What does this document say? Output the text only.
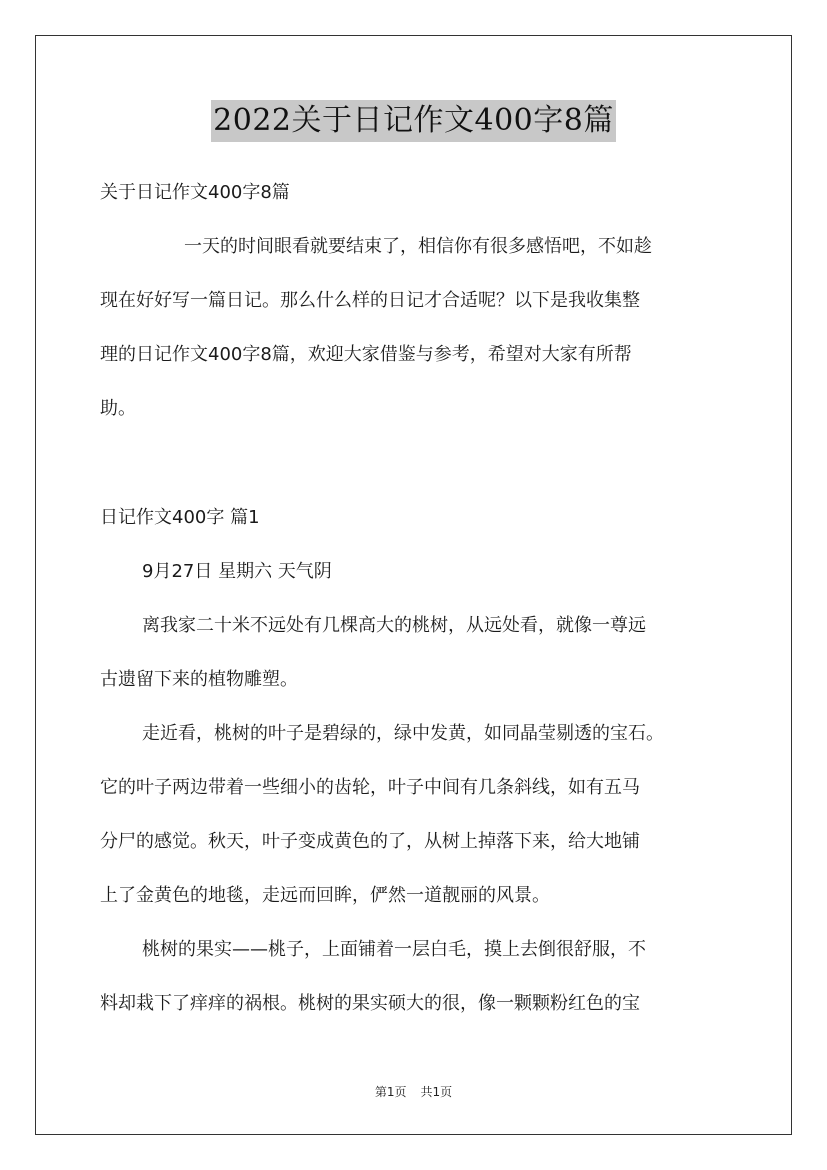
2022关于日记作文400字8篇

关于日记作文400字8篇

一天的时间眼看就要结束了，相信你有很多感悟吧，不如趁

现在好好写一篇日记。那么什么样的日记才合适呢？以下是我收集整

理的日记作文400字8篇，欢迎大家借鉴与参考，希望对大家有所帮

助。

日记作文400字 篇1

9月27日 星期六 天气阴

离我家二十米不远处有几棵高大的桃树，从远处看，就像一尊远

古遗留下来的植物雕塑。

走近看，桃树的叶子是碧绿的，绿中发黄，如同晶莹剔透的宝石。

它的叶子两边带着一些细小的齿轮，叶子中间有几条斜线，如有五马

分尸的感觉。秋天，叶子变成黄色的了，从树上掉落下来，给大地铺

上了金黄色的地毯，走远而回眸，俨然一道靓丽的风景。

桃树的果实——桃子，上面铺着一层白毛，摸上去倒很舒服，不

料却栽下了痒痒的祸根。桃树的果实硕大的很，像一颗颗粉红色的宝

第1页 共1页
